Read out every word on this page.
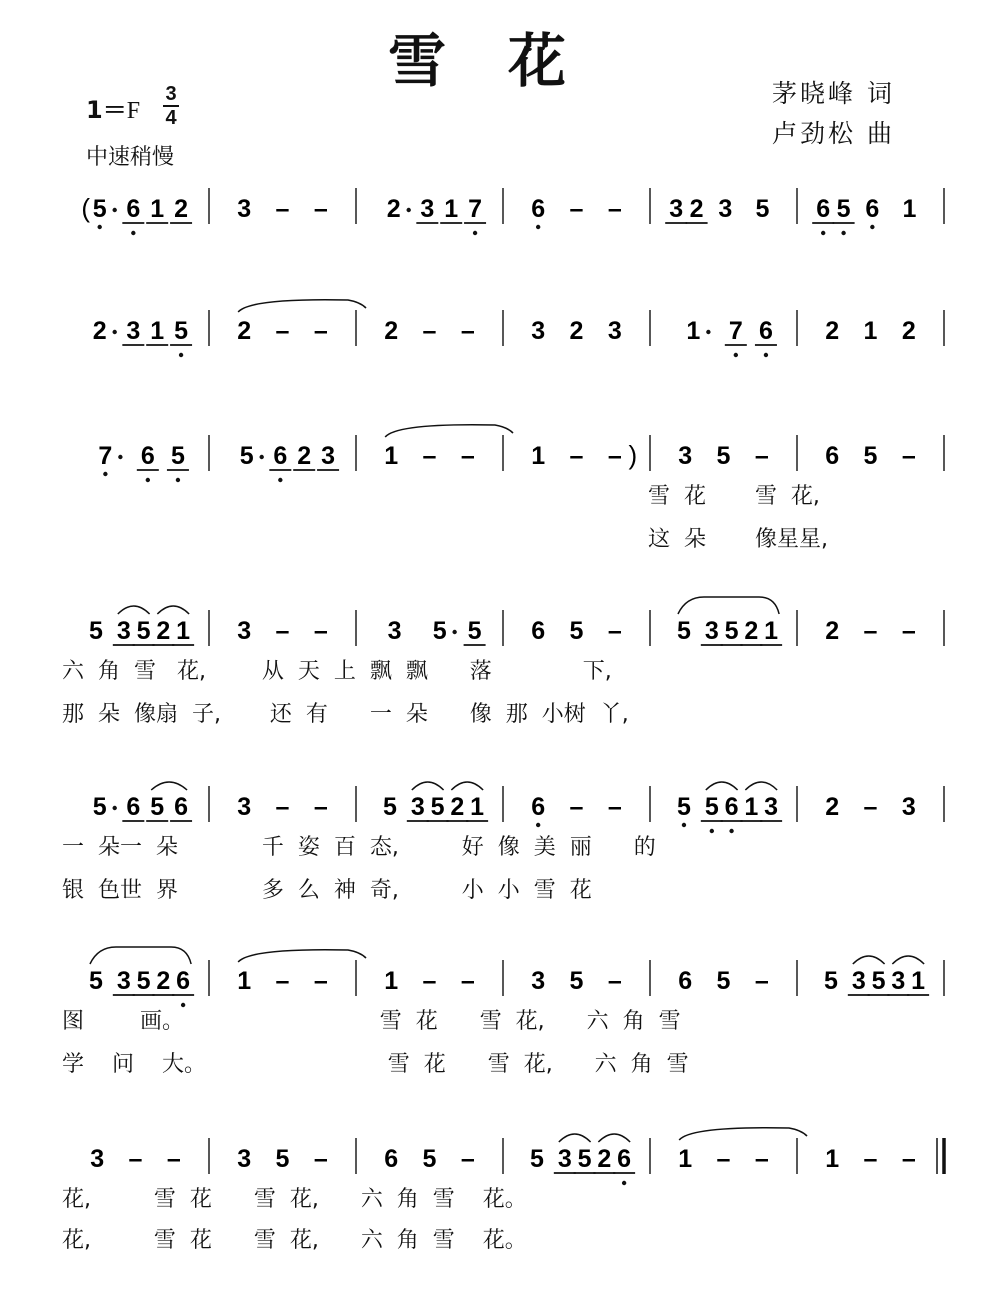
雪花
1＝F
3
4
中速稍慢
茅晓峰 词
卢劲松 曲
( 5 6 1 2 3 – – 2 3 1 7 6 – – 3 2 3 5 6 5 6 1
2 3 1 5 2 – – 2 – – 3 2 3	1 7 6 2 1 2
7 6 5 5 6 2 3 1 – – 1 – – ) 3 5 – 6 5 –
5 3 5 2 1 3 – – 3 5 5 6 5 – 5 3 5 2 1 2 – –
5 6 5 6 3 – – 5 3 5 2 1 6 – – 5 5 6 1 3 2 – 3
5 3 5 2 6 1 – – 1 – – 3 5 – 6 5 – 5 3 5 3 1
3 – – 3 5 – 6 5 – 5 3 5 2 6 1 – – 1 – –
雪  花       雪  花,
这  朵       像星星,
六  角  雪   花,        从  天  上  飘  飘      落             下,
那  朵  像扇  子,       还  有      一  朵      像  那  小树  丫,
一  朵一  朵            千  姿  百  态,         好  像  美  丽      的
银  色世  界            多  么  神  奇,         小  小  雪  花
图        画。                            雪  花      雪  花,      六  角  雪
学    问    大。                          雪  花      雪  花,      六  角  雪
花,         雪  花      雪  花,      六  角  雪    花。
花,         雪  花      雪  花,      六  角  雪    花。
